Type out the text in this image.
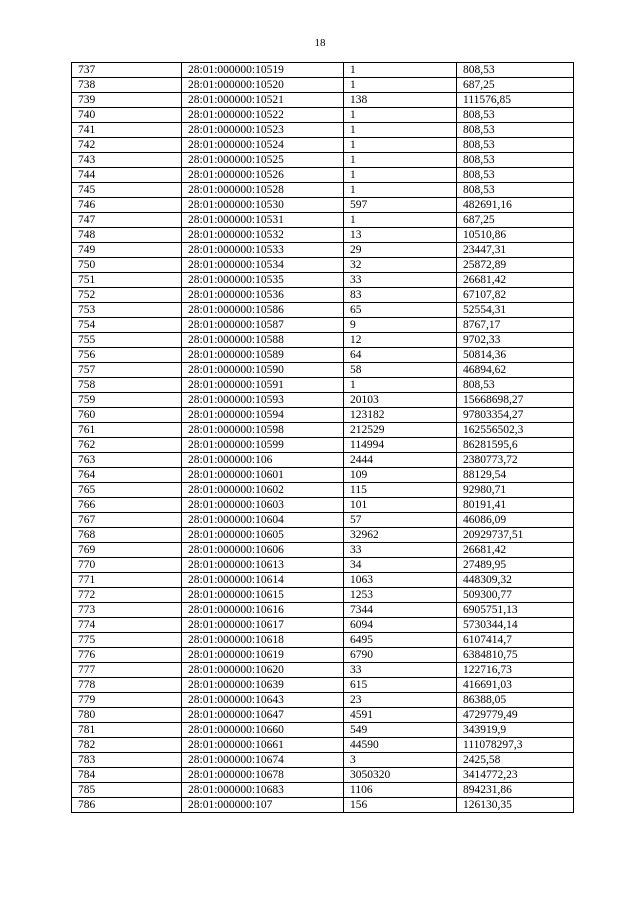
18
737	28:01:000000:10519	1	808,53
738	28:01:000000:10520	1	687,25
739	28:01:000000:10521	138	111576,85
740	28:01:000000:10522	1	808,53
741	28:01:000000:10523	1	808,53
742	28:01:000000:10524	1	808,53
743	28:01:000000:10525	1	808,53
744	28:01:000000:10526	1	808,53
745	28:01:000000:10528	1	808,53
746	28:01:000000:10530	597	482691,16
747	28:01:000000:10531	1	687,25
748	28:01:000000:10532	13	10510,86
749	28:01:000000:10533	29	23447,31
750	28:01:000000:10534	32	25872,89
751	28:01:000000:10535	33	26681,42
752	28:01:000000:10536	83	67107,82
753	28:01:000000:10586	65	52554,31
754	28:01:000000:10587	9	8767,17
755	28:01:000000:10588	12	9702,33
756	28:01:000000:10589	64	50814,36
757	28:01:000000:10590	58	46894,62
758	28:01:000000:10591	1	808,53
759	28:01:000000:10593	20103	15668698,27
760	28:01:000000:10594	123182	97803354,27
761	28:01:000000:10598	212529	162556502,3
762	28:01:000000:10599	114994	86281595,6
763	28:01:000000:106	2444	2380773,72
764	28:01:000000:10601	109	88129,54
765	28:01:000000:10602	115	92980,71
766	28:01:000000:10603	101	80191,41
767	28:01:000000:10604	57	46086,09
768	28:01:000000:10605	32962	20929737,51
769	28:01:000000:10606	33	26681,42
770	28:01:000000:10613	34	27489,95
771	28:01:000000:10614	1063	448309,32
772	28:01:000000:10615	1253	509300,77
773	28:01:000000:10616	7344	6905751,13
774	28:01:000000:10617	6094	5730344,14
775	28:01:000000:10618	6495	6107414,7
776	28:01:000000:10619	6790	6384810,75
777	28:01:000000:10620	33	122716,73
778	28:01:000000:10639	615	416691,03
779	28:01:000000:10643	23	86388,05
780	28:01:000000:10647	4591	4729779,49
781	28:01:000000:10660	549	343919,9
782	28:01:000000:10661	44590	111078297,3
783	28:01:000000:10674	3	2425,58
784	28:01:000000:10678	3050320	3414772,23
785	28:01:000000:10683	1106	894231,86
786	28:01:000000:107	156	126130,35
